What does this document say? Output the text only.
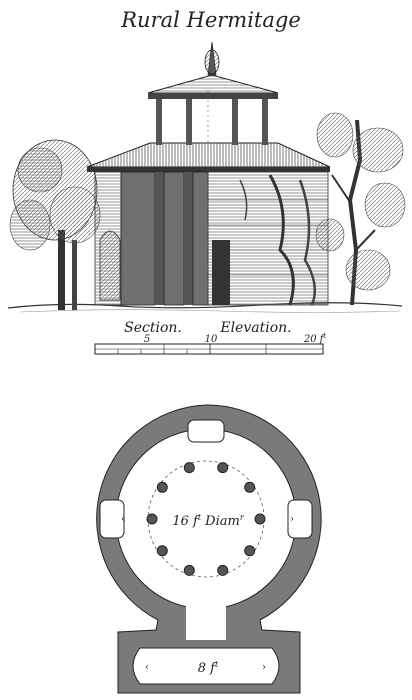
Rural Hermitage
Section.	Elevation.
5	10	20 $f^t$
‹	›
‹	›
16 $f^t$ Diam$^r$
8 $f^t$
